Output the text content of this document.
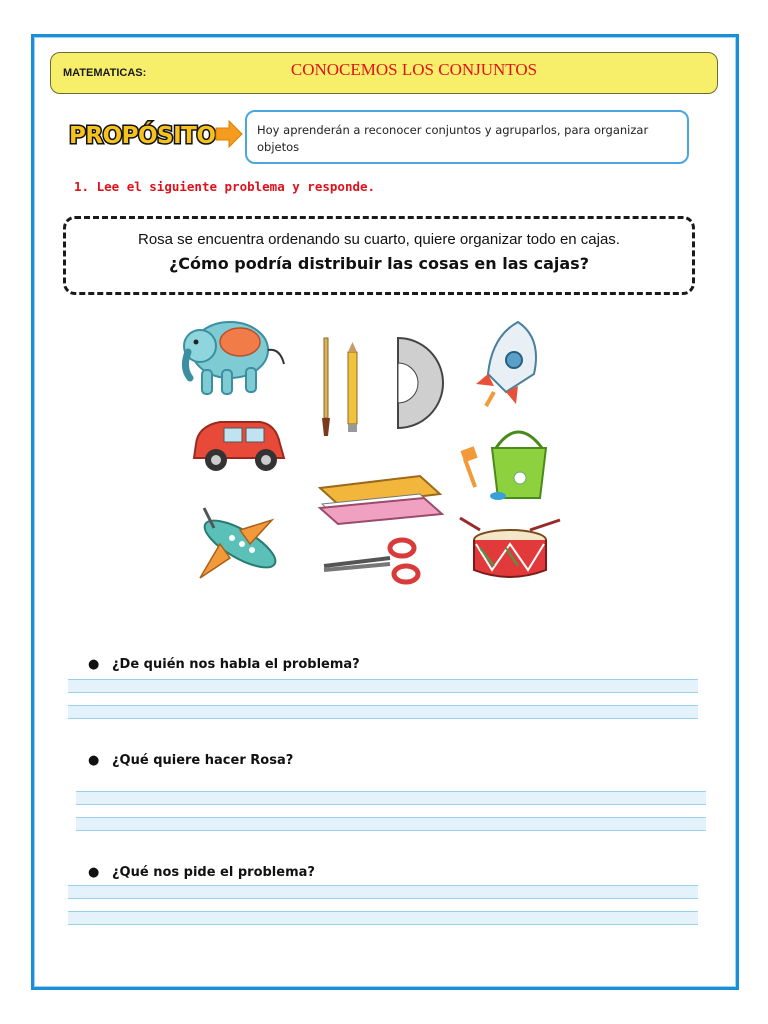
MATEMATICAS:	CONOCEMOS LOS CONJUNTOS
PROPÓSITO	Hoy aprenderán a reconocer conjuntos y agruparlos, para organizar objetos
1. Lee el siguiente problema y responde.
Rosa se encuentra ordenando su cuarto, quiere organizar todo en cajas.
¿Cómo podría distribuir las cosas en las cajas?
● ¿De quién nos habla el problema?
● ¿Qué quiere hacer Rosa?
● ¿Qué nos pide el problema?
